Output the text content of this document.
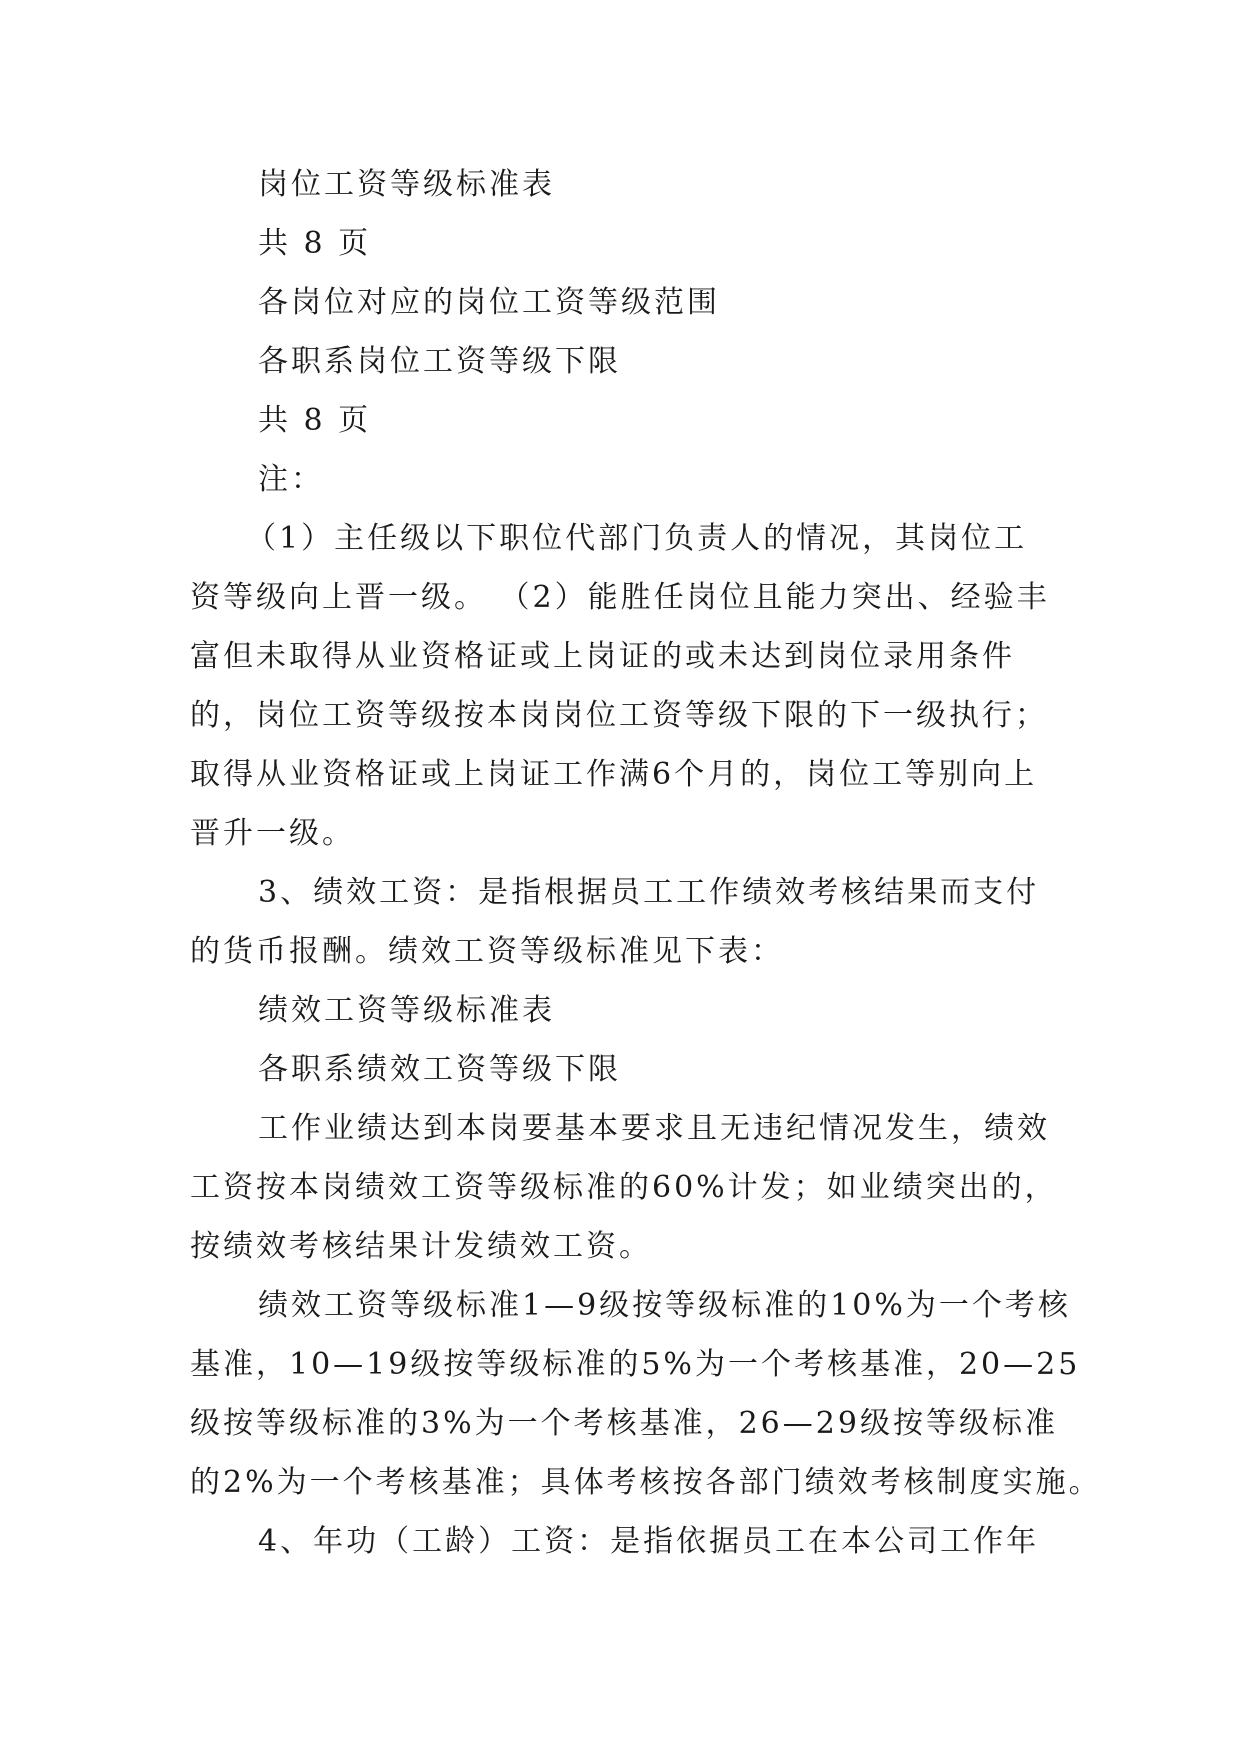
岗位工资等级标准表
共 8 页
各岗位对应的岗位工资等级范围
各职系岗位工资等级下限
共 8 页
注：
（1）主任级以下职位代部门负责人的情况，其岗位工
资等级向上晋一级。 （2）能胜任岗位且能力突出、经验丰
富但未取得从业资格证或上岗证的或未达到岗位录用条件
的，岗位工资等级按本岗岗位工资等级下限的下一级执行；
取得从业资格证或上岗证工作满6个月的，岗位工等别向上
晋升一级。
3、绩效工资：是指根据员工工作绩效考核结果而支付
的货币报酬。绩效工资等级标准见下表：
绩效工资等级标准表
各职系绩效工资等级下限
工作业绩达到本岗要基本要求且无违纪情况发生，绩效
工资按本岗绩效工资等级标准的60%计发；如业绩突出的，
按绩效考核结果计发绩效工资。
绩效工资等级标准1—9级按等级标准的10%为一个考核
基准，10—19级按等级标准的5%为一个考核基准，20—25
级按等级标准的3%为一个考核基准，26—29级按等级标准
的2%为一个考核基准；具体考核按各部门绩效考核制度实施。
4、年功（工龄）工资：是指依据员工在本公司工作年
